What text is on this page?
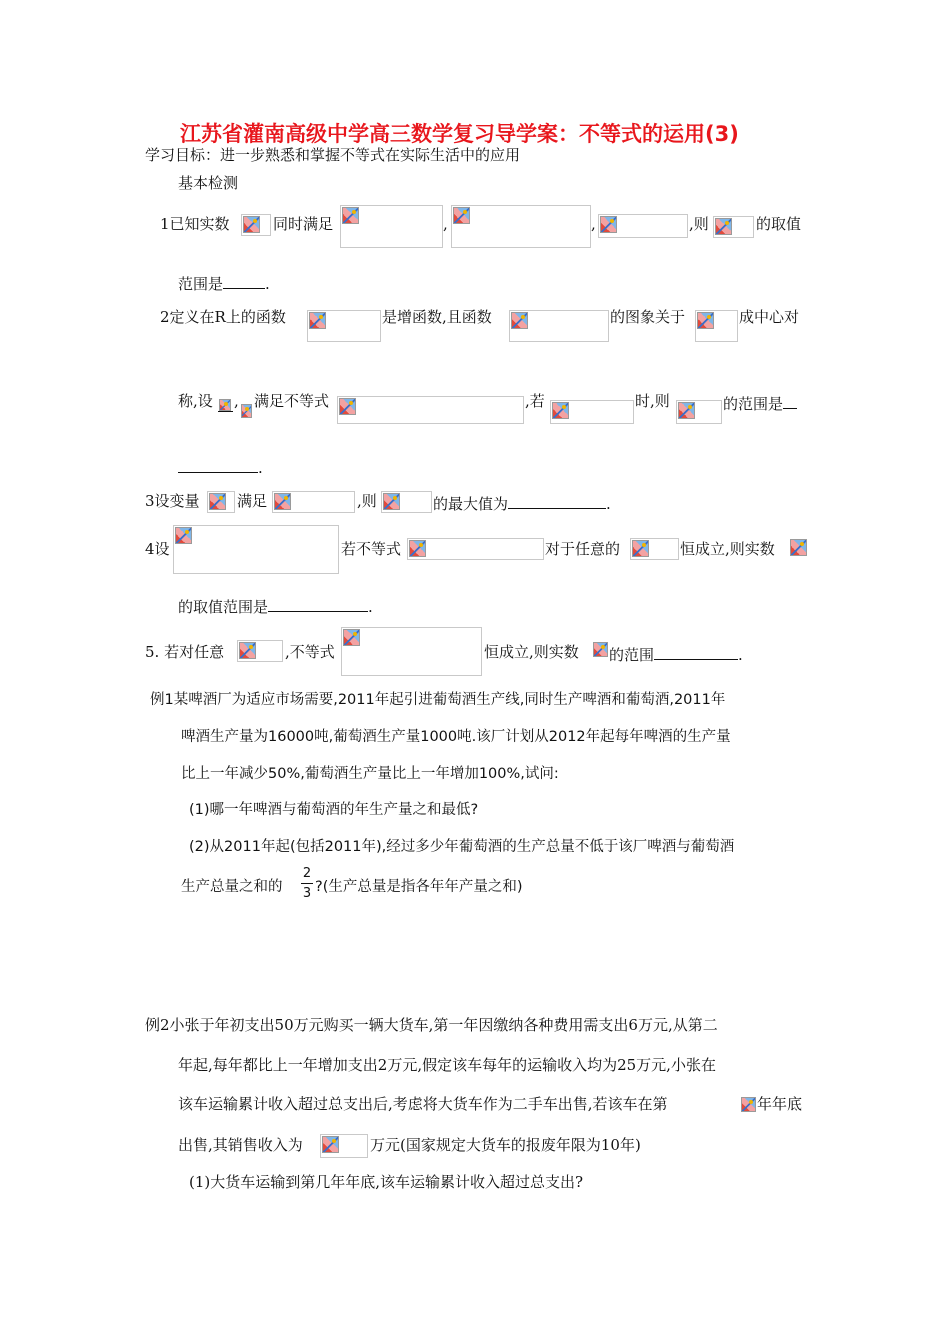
江苏省灌南高级中学高三数学复习导学案：不等式的运用(3)
学习目标：进一步熟悉和掌握不等式在实际生活中的应用
基本检测
1已知实数	同时满足	,	,	,则	的取值
范围是	.
2定义在R上的函数	是增函数,且函数	的图象关于	成中心对
称,设 , 满足不等式	,若	时,则	的范围是
.
3设变量 满足	,则	的最大值为	.
4设	若不等式	对于任意的	恒成立,则实数
的取值范围是	.
5. 若对任意	,不等式	恒成立,则实数 的范围	.
例1某啤酒厂为适应市场需要,2011年起引进葡萄酒生产线,同时生产啤酒和葡萄酒,2011年
啤酒生产量为16000吨,葡萄酒生产量1000吨.该厂计划从2012年起每年啤酒的生产量
比上一年减少50%,葡萄酒生产量比上一年增加100%,试问:
(1)哪一年啤酒与葡萄酒的年生产量之和最低?
(2)从2011年起(包括2011年),经过多少年葡萄酒的生产总量不低于该厂啤酒与葡萄酒
生产总量之和的
2
3 ?(生产总量是指各年年产量之和)
例2小张于年初支出50万元购买一辆大货车,第一年因缴纳各种费用需支出6万元,从第二
年起,每年都比上一年增加支出2万元,假定该车每年的运输收入均为25万元,小张在
该车运输累计收入超过总支出后,考虑将大货车作为二手车出售,若该车在第	年年底
出售,其销售收入为	万元(国家规定大货车的报废年限为10年)
(1)大货车运输到第几年年底,该车运输累计收入超过总支出?
